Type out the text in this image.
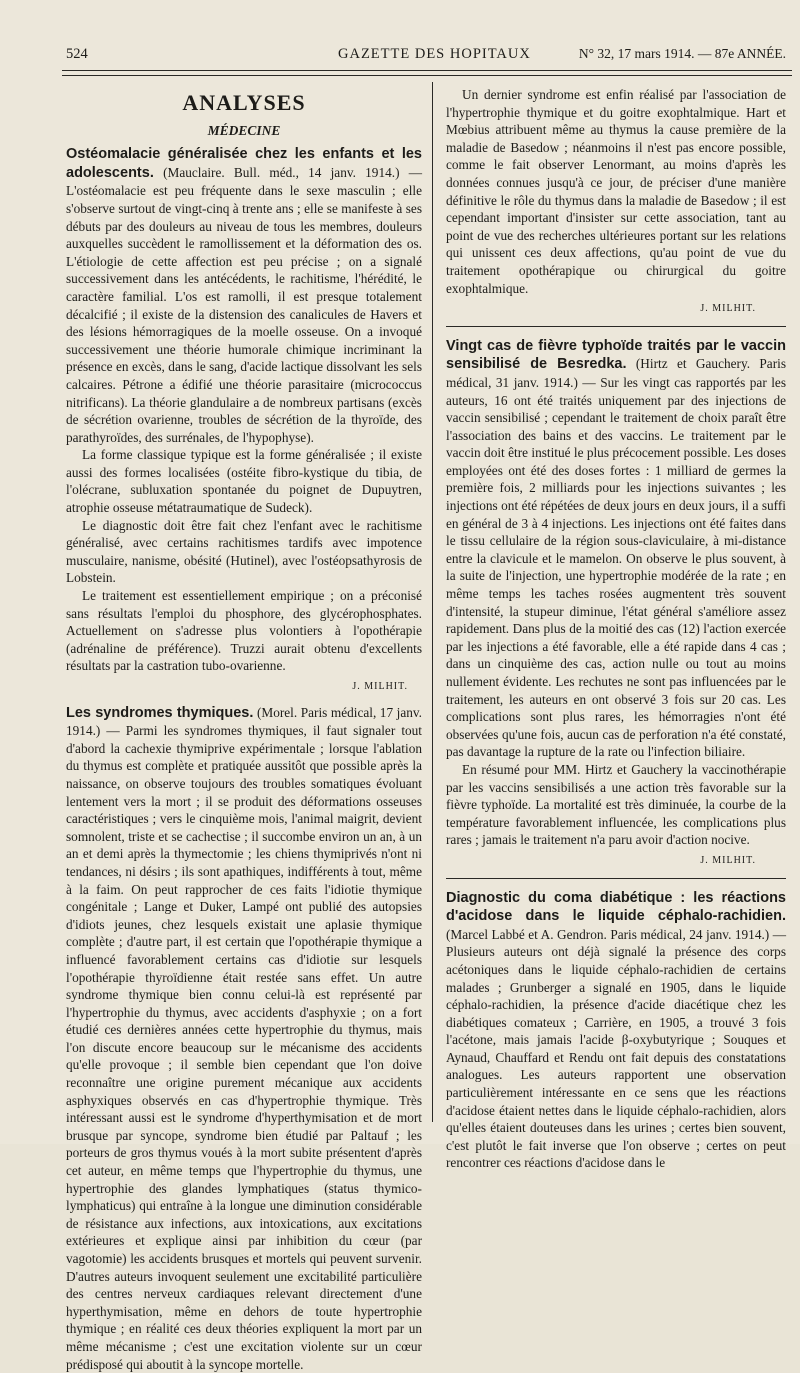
524	GAZETTE DES HOPITAUX	N° 32, 17 mars 1914. — 87e ANNÉE.
ANALYSES
MÉDECINE

Ostéomalacie généralisée chez les enfants et les adolescents. (Mauclaire. Bull. méd., 14 janv. 1914.) — L'ostéomalacie est peu fréquente dans le sexe masculin ; elle s'observe surtout de vingt-cinq à trente ans ; elle se manifeste à ses débuts par des douleurs au niveau de tous les membres, douleurs auxquelles succèdent le ramollissement et la déformation des os. L'étiologie de cette affection est peu précise ; on a signalé successivement dans les antécédents, le rachitisme, l'hérédité, le caractère familial. L'os est ramolli, il est presque totalement décalcifié ; il existe de la distension des canalicules de Havers et des lésions hémorragiques de la moelle osseuse. On a invoqué successivement une théorie humorale chimique incriminant la présence en excès, dans le sang, d'acide lactique dissolvant les sels calcaires. Pétrone a édifié une théorie parasitaire (micrococcus nitrificans). La théorie glandulaire a de nombreux partisans (excès de sécrétion ovarienne, troubles de sécrétion de la thyroïde, des parathyroïdes, des surrénales, de l'hypophyse).

La forme classique typique est la forme généralisée ; il existe aussi des formes localisées (ostéite fibro-kystique du tibia, de l'olécrane, subluxation spontanée du poignet de Dupuytren, atrophie osseuse métatraumatique de Sudeck).

Le diagnostic doit être fait chez l'enfant avec le rachitisme généralisé, avec certains rachitismes tardifs avec impotence musculaire, nanisme, obésité (Hutinel), avec l'ostéopsathyrosis de Lobstein.

Le traitement est essentiellement empirique ; on a préconisé sans résultats l'emploi du phosphore, des glycérophosphates. Actuellement on s'adresse plus volontiers à l'opothérapie (adrénaline de préférence). Truzzi aurait obtenu d'excellents résultats par la castration tubo-ovarienne.

J. MILHIT.

Les syndromes thymiques. (Morel. Paris médical, 17 janv. 1914.) — Parmi les syndromes thymiques, il faut signaler tout d'abord la cachexie thymiprive expérimentale ; lorsque l'ablation du thymus est complète et pratiquée aussitôt que possible après la naissance, on observe toujours des troubles somatiques évoluant lentement vers la mort ; il se produit des déformations osseuses caractéristiques ; vers le cinquième mois, l'animal maigrit, devient somnolent, triste et se cachectise ; il succombe environ un an, à un an et demi après la thymectomie ; les chiens thymiprivés n'ont ni tendances, ni désirs ; ils sont apathiques, indifférents à tout, même à la faim. On peut rapprocher de ces faits l'idiotie thymique congénitale ; Lange et Duker, Lampé ont publié des autopsies d'idiots jeunes, chez lesquels existait une aplasie thymique complète ; d'autre part, il est certain que l'opothérapie thymique a influencé favorablement certains cas d'idiotie sur lesquels l'opothérapie thyroïdienne était restée sans effet. Un autre syndrome thymique bien connu celui-là est représenté par l'hypertrophie du thymus, avec accidents d'asphyxie ; on a fort étudié ces dernières années cette hypertrophie du thymus, mais l'on discute encore beaucoup sur le mécanisme des accidents qu'elle provoque ; il semble bien cependant que l'on doive reconnaître une origine purement mécanique aux accidents asphyxiques observés en cas d'hypertrophie thymique. Très intéressant aussi est le syndrome d'hyperthymisation et de mort brusque par syncope, syndrome bien étudié par Paltauf ; les porteurs de gros thymus voués à la mort subite présentent d'après cet auteur, en même temps que l'hypertrophie du thymus, une hypertrophie des glandes lymphatiques (status thymico-lymphaticus) qui entraîne à la longue une diminution considérable de résistance aux infections, aux intoxications, aux excitations extérieures et explique ainsi par inhibition du cœur (par vagotomie) les accidents brusques et mortels qui peuvent survenir. D'autres auteurs invoquent seulement une excitabilité particulière des centres nerveux cardiaques relevant directement d'une hyperthymisation, même en dehors de toute hypertrophie thymique ; en réalité ces deux théories expliquent la mort par un même mécanisme ; c'est une excitation violente sur un cœur prédisposé qui aboutit à la syncope mortelle.

Un dernier syndrome est enfin réalisé par l'association de l'hypertrophie thymique et du goitre exophtalmique. Hart et Mœbius attribuent même au thymus la cause première de la maladie de Basedow ; néanmoins il n'est pas encore possible, comme le fait observer Lenormant, au moins d'après les données connues jusqu'à ce jour, de préciser d'une manière définitive le rôle du thymus dans la maladie de Basedow ; il est cependant important d'insister sur cette association, tant au point de vue des recherches ultérieures portant sur les relations qui unissent ces deux affections, qu'au point de vue du traitement opothérapique ou chirurgical du goitre exophtalmique.

J. MILHIT.

Vingt cas de fièvre typhoïde traités par le vaccin sensibilisé de Besredka. (Hirtz et Gauchery. Paris médical, 31 janv. 1914.) — Sur les vingt cas rapportés par les auteurs, 16 ont été traités uniquement par des injections de vaccin sensibilisé ; cependant le traitement de choix paraît être l'association des bains et des vaccins. Le traitement par le vaccin doit être institué le plus précocement possible. Les doses employées ont été des doses fortes : 1 milliard de germes la première fois, 2 milliards pour les injections suivantes ; les injections ont été répétées de deux jours en deux jours, il a suffi en général de 3 à 4 injections. Les injections ont été faites dans le tissu cellulaire de la région sous-claviculaire, à mi-distance entre la clavicule et le mamelon. On observe le plus souvent, à la suite de l'injection, une hypertrophie modérée de la rate ; en même temps les taches rosées augmentent très souvent d'intensité, la stupeur diminue, l'état général s'améliore assez rapidement. Dans plus de la moitié des cas (12) l'action exercée par les injections a été favorable, elle a été rapide dans 4 cas ; dans un cinquième des cas, action nulle ou tout au moins nullement évidente. Les rechutes ne sont pas influencées par le traitement, les auteurs en ont observé 3 fois sur 20 cas. Les complications sont plus rares, les hémorragies n'ont été observées qu'une fois, aucun cas de perforation n'a été constaté, pas davantage la rupture de la rate ou l'infection biliaire.

En résumé pour MM. Hirtz et Gauchery la vaccinothérapie par les vaccins sensibilisés a une action très favorable sur la fièvre typhoïde. La mortalité est très diminuée, la courbe de la température favorablement influencée, les complications plus rares ; jamais le traitement n'a paru avoir d'action nocive.

J. MILHIT.

Diagnostic du coma diabétique : les réactions d'acidose dans le liquide céphalo-rachidien. (Marcel Labbé et A. Gendron. Paris médical, 24 janv. 1914.) — Plusieurs auteurs ont déjà signalé la présence des corps acétoniques dans le liquide céphalo-rachidien de certains malades ; Grunberger a signalé en 1905, dans le liquide céphalo-rachidien, la présence d'acide diacétique chez les diabétiques comateux ; Carrière, en 1905, a trouvé 3 fois l'acétone, mais jamais l'acide β-oxybutyrique ; Souques et Aynaud, Chauffard et Rendu ont fait depuis des constatations analogues. Les auteurs rapportent une observation particulièrement intéressante en ce sens que les réactions d'acidose étaient nettes dans le liquide céphalo-rachidien, alors qu'elles étaient douteuses dans les urines ; certes bien souvent, c'est plutôt le fait inverse que l'on observe ; certes on peut rencontrer ces réactions d'acidose dans le
